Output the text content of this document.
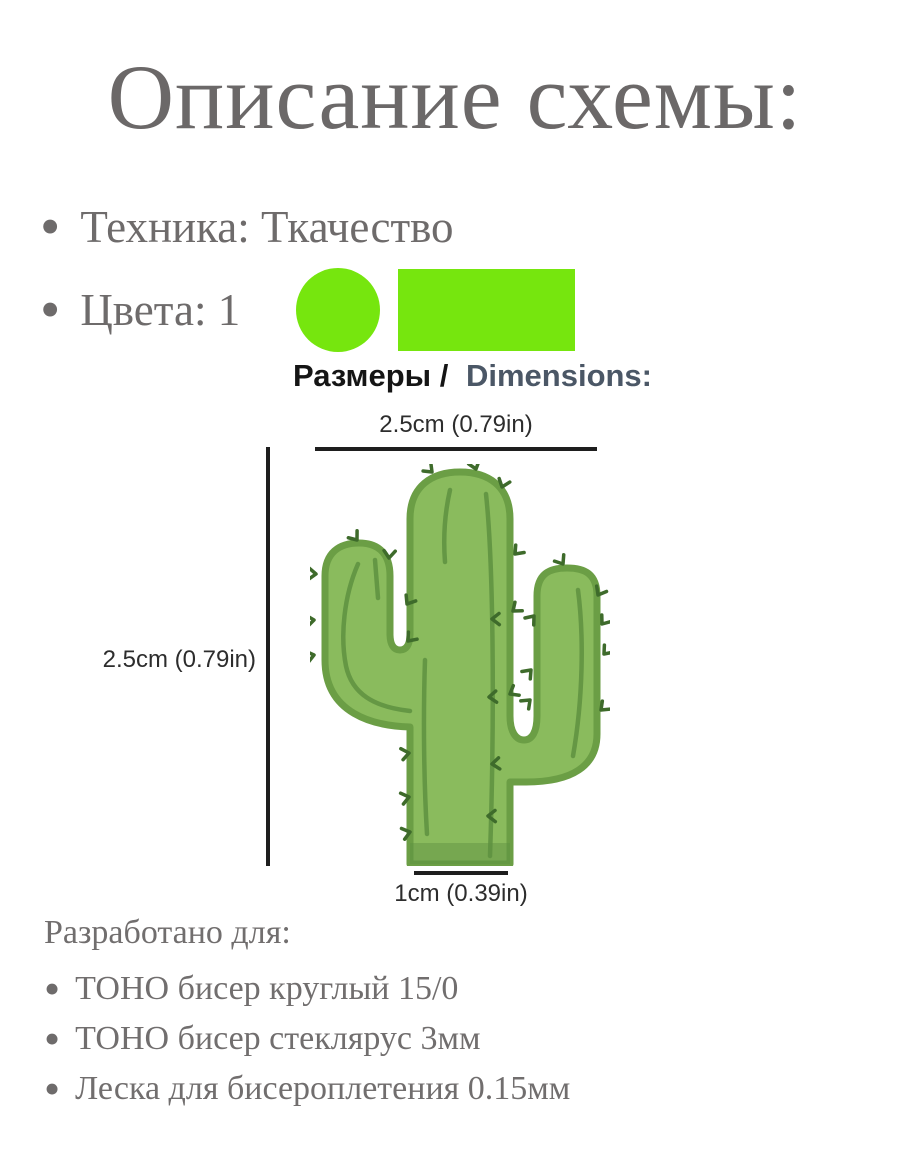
Описание схемы:
• Техника: Ткачество
• Цвета: 1
Размеры / Dimensions:
2.5cm (0.79in)
2.5cm (0.79in)
1cm (0.39in)
Разработано для:
• ТОНО бисер круглый 15/0
• ТОНО бисер стеклярус 3мм
• Леска для бисероплетения 0.15мм
